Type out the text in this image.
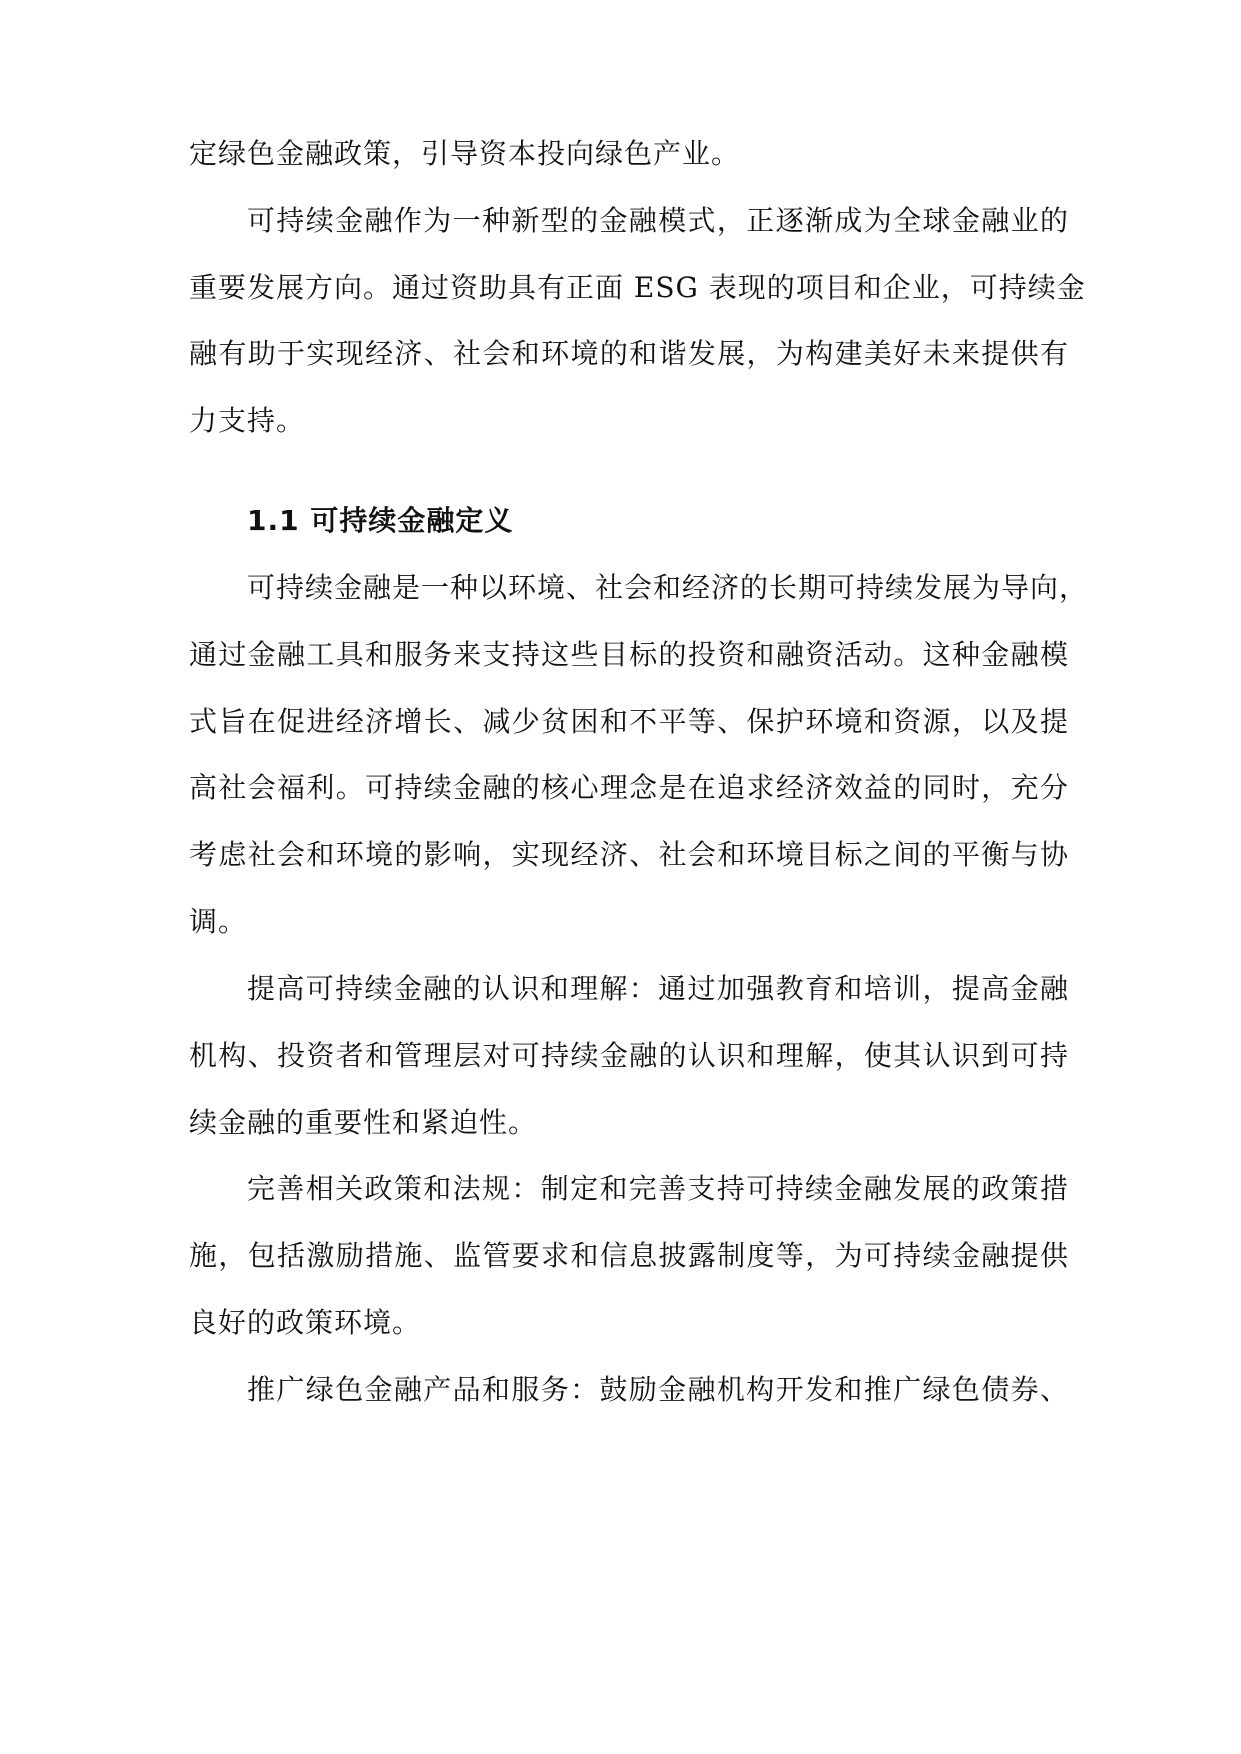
定绿色金融政策，引导资本投向绿色产业。
可持续金融作为一种新型的金融模式，正逐渐成为全球金融业的
重要发展方向。通过资助具有正面 ESG 表现的项目和企业，可持续金
融有助于实现经济、社会和环境的和谐发展，为构建美好未来提供有
力支持。
1.1 可持续金融定义
可持续金融是一种以环境、社会和经济的长期可持续发展为导向，
通过金融工具和服务来支持这些目标的投资和融资活动。这种金融模
式旨在促进经济增长、减少贫困和不平等、保护环境和资源，以及提
高社会福利。可持续金融的核心理念是在追求经济效益的同时，充分
考虑社会和环境的影响，实现经济、社会和环境目标之间的平衡与协
调。
提高可持续金融的认识和理解：通过加强教育和培训，提高金融
机构、投资者和管理层对可持续金融的认识和理解，使其认识到可持
续金融的重要性和紧迫性。
完善相关政策和法规：制定和完善支持可持续金融发展的政策措
施，包括激励措施、监管要求和信息披露制度等，为可持续金融提供
良好的政策环境。
推广绿色金融产品和服务：鼓励金融机构开发和推广绿色债券、
